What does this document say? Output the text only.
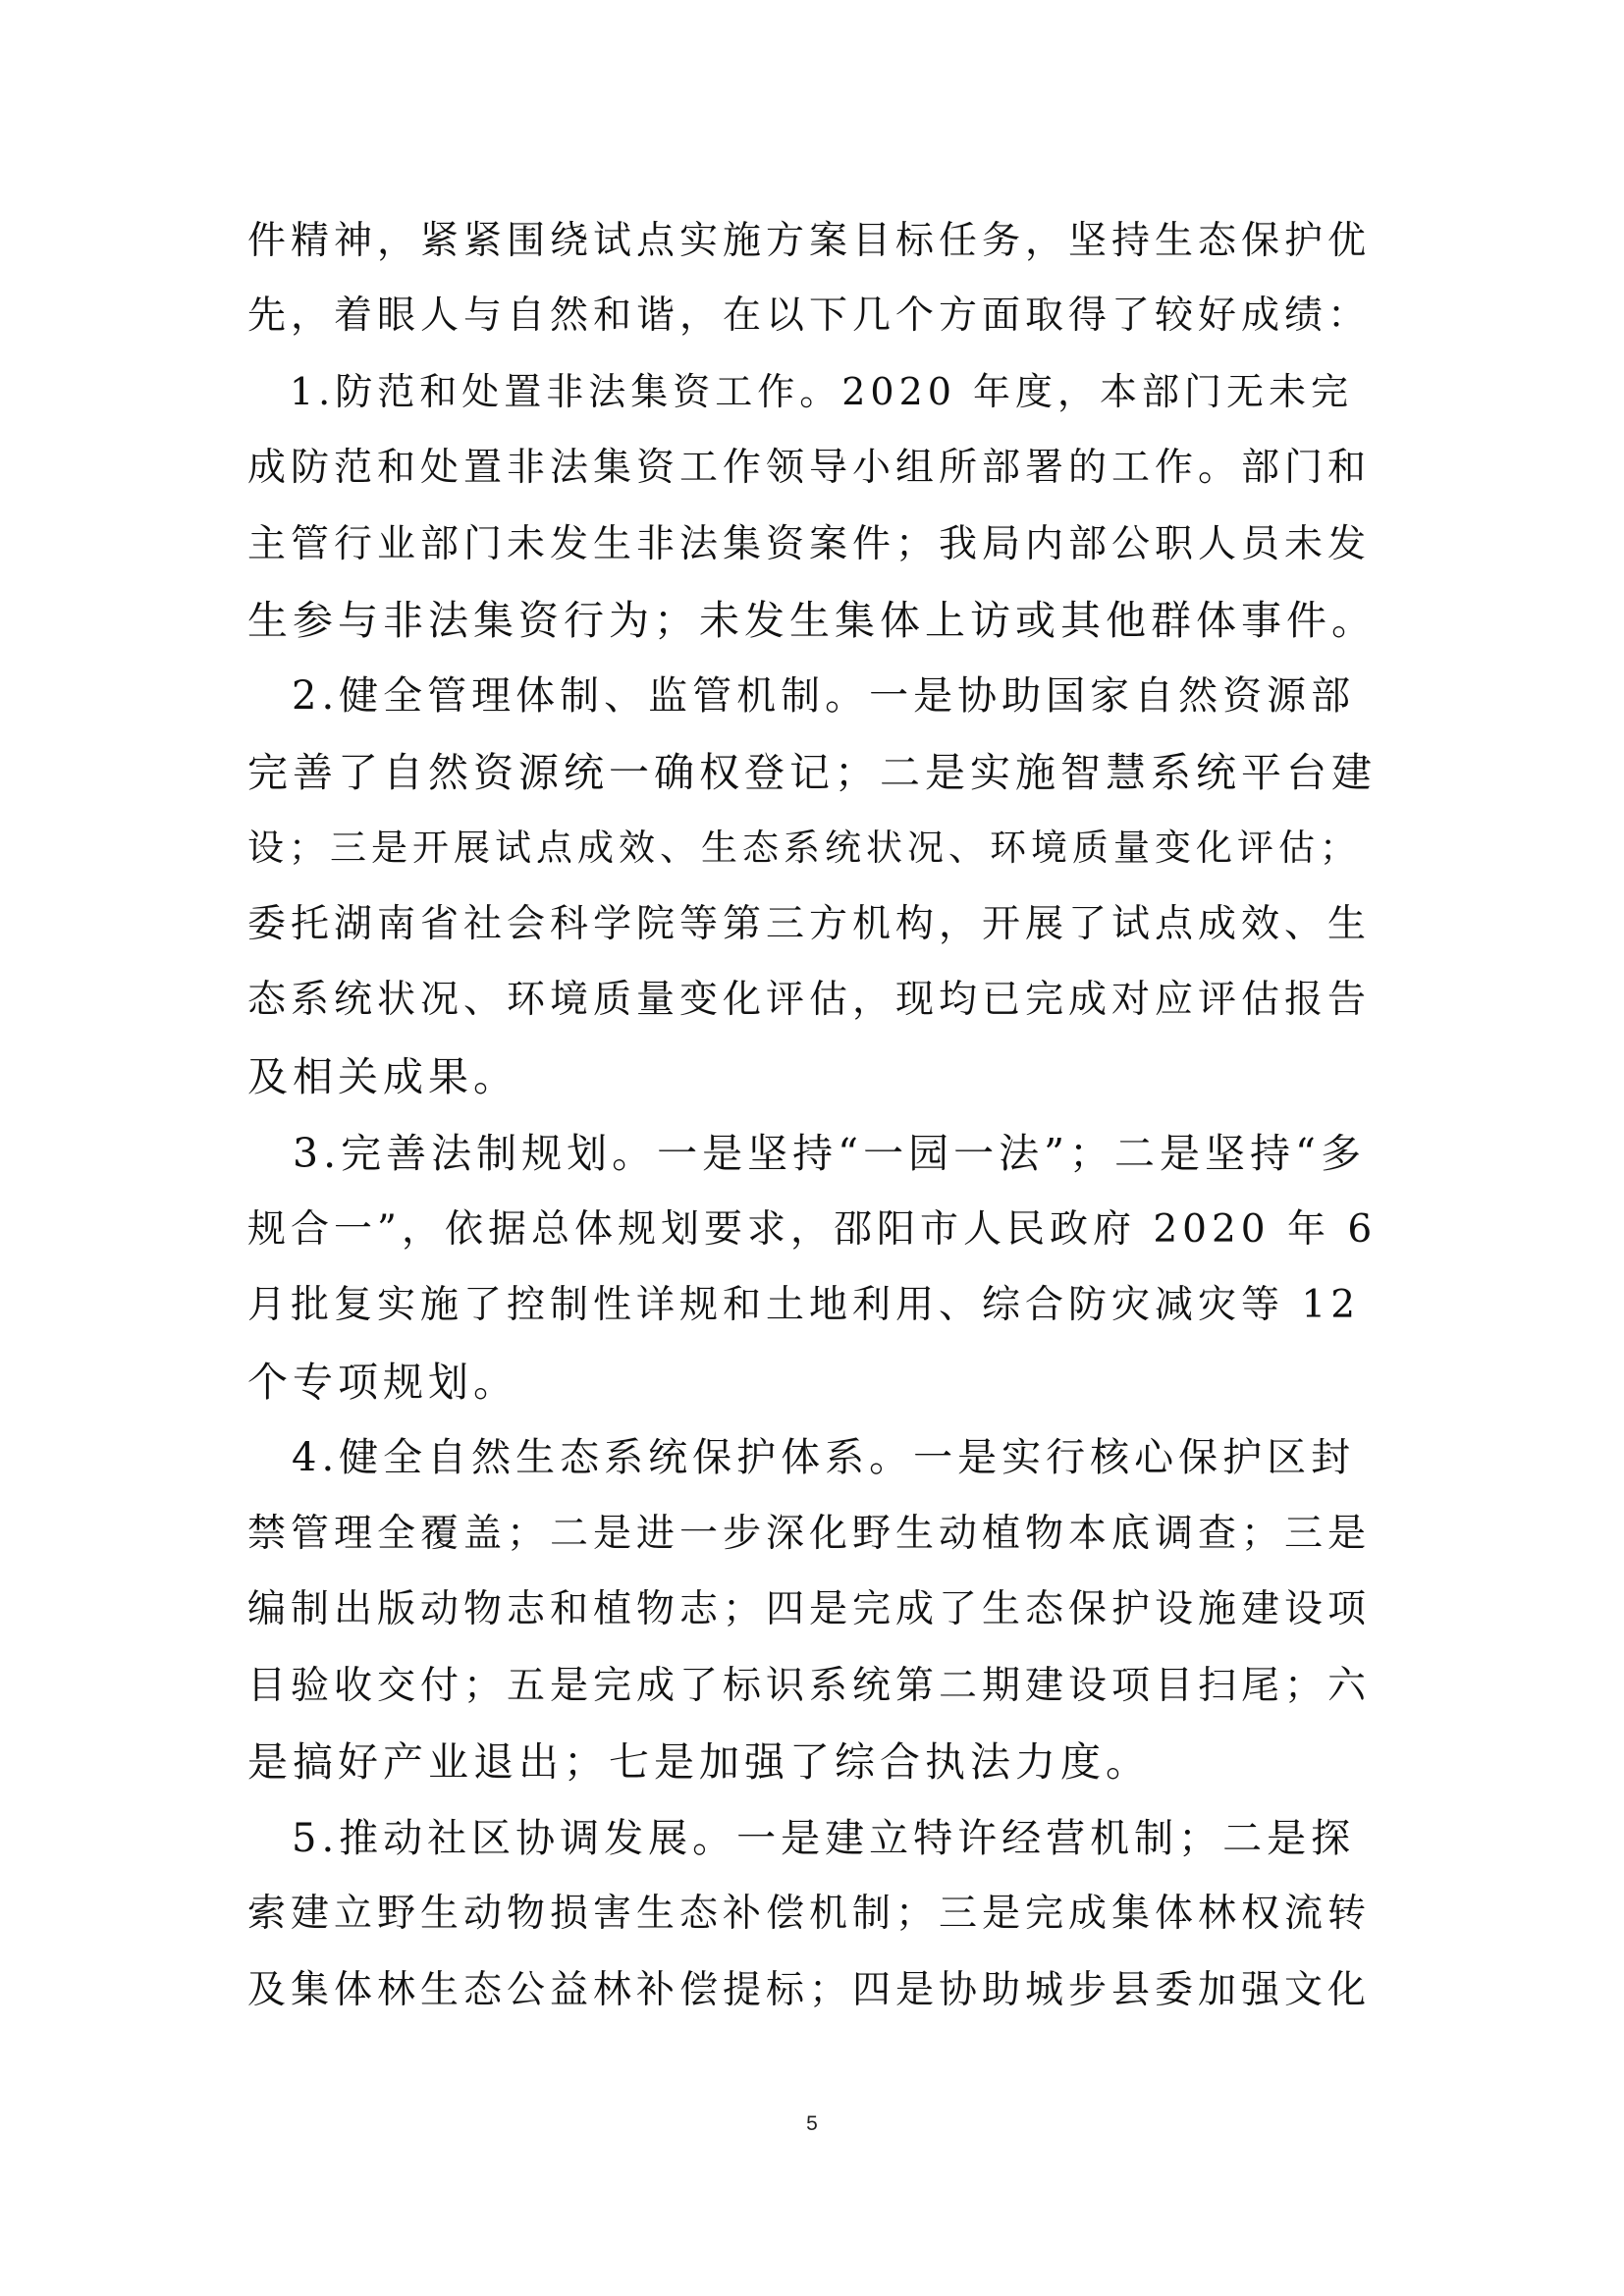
件精神，紧紧围绕试点实施方案目标任务，坚持生态保护优
先，着眼人与自然和谐，在以下几个方面取得了较好成绩：
　1.防范和处置非法集资工作。2020 年度，本部门无未完
成防范和处置非法集资工作领导小组所部署的工作。部门和
主管行业部门未发生非法集资案件；我局内部公职人员未发
生参与非法集资行为；未发生集体上访或其他群体事件。
　2.健全管理体制、监管机制。一是协助国家自然资源部
完善了自然资源统一确权登记；二是实施智慧系统平台建
设；三是开展试点成效、生态系统状况、环境质量变化评估；
委托湖南省社会科学院等第三方机构，开展了试点成效、生
态系统状况、环境质量变化评估，现均已完成对应评估报告
及相关成果。
　3.完善法制规划。一是坚持“一园一法”；二是坚持“多
规合一”，依据总体规划要求，邵阳市人民政府 2020 年 6
月批复实施了控制性详规和土地利用、综合防灾减灾等 12
个专项规划。
　4.健全自然生态系统保护体系。一是实行核心保护区封
禁管理全覆盖；二是进一步深化野生动植物本底调查；三是
编制出版动物志和植物志；四是完成了生态保护设施建设项
目验收交付；五是完成了标识系统第二期建设项目扫尾；六
是搞好产业退出；七是加强了综合执法力度。
　5.推动社区协调发展。一是建立特许经营机制；二是探
索建立野生动物损害生态补偿机制；三是完成集体林权流转
及集体林生态公益林补偿提标；四是协助城步县委加强文化
5
